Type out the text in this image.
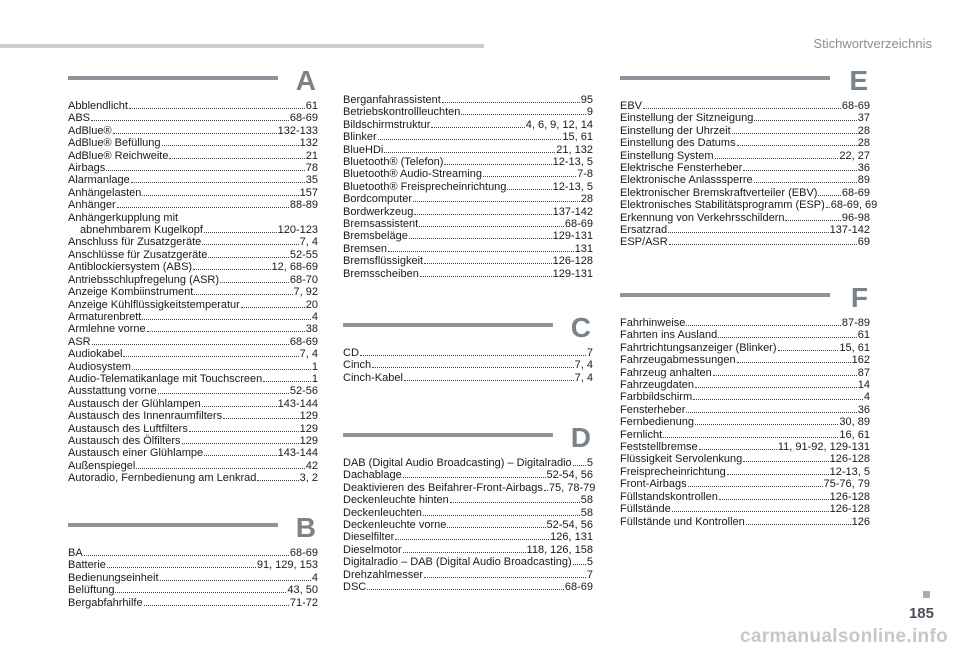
Stichwortverzeichnis
A
Abblendlicht	61
ABS	68-69
AdBlue®	132-133
AdBlue® Befüllung	132
AdBlue® Reichweite	21
Airbags	78
Alarmanlage	35
Anhängelasten	157
Anhänger	88-89
Anhängerkupplung mit
abnehmbarem Kugelkopf	120-123
Anschluss für Zusatzgeräte	7, 4
Anschlüsse für Zusatzgeräte	52-55
Antiblockiersystem (ABS)	12, 68-69
Antriebsschlupfregelung (ASR)	68-70
Anzeige Kombiinstrument	7, 92
Anzeige Kühlflüssigkeitstemperatur	20
Armaturenbrett	4
Armlehne vorne	38
ASR	68-69
Audiokabel	7, 4
Audiosystem	1
Audio-Telematikanlage mit Touchscreen	1
Ausstattung vorne	52-56
Austausch der Glühlampen	143-144
Austausch des Innenraumfilters	129
Austausch des Luftfilters	129
Austausch des Ölfilters	129
Austausch einer Glühlampe	143-144
Außenspiegel	42
Autoradio, Fernbedienung am Lenkrad	3, 2
B
BA	68-69
Batterie	91, 129, 153
Bedienungseinheit	4
Belüftung	43, 50
Bergabfahrhilfe	71-72
Berganfahrassistent	95
Betriebskontrollleuchten	9
Bildschirmstruktur	4, 6, 9, 12, 14
Blinker	15, 61
BlueHDi	21, 132
Bluetooth® (Telefon)	12-13, 5
Bluetooth® Audio-Streaming	7-8
Bluetooth® Freisprecheinrichtung	12-13, 5
Bordcomputer	28
Bordwerkzeug	137-142
Bremsassistent	68-69
Bremsbeläge	129-131
Bremsen	131
Bremsflüssigkeit	126-128
Bremsscheiben	129-131
C
CD	7
Cinch	7, 4
Cinch-Kabel	7, 4
D
DAB (Digital Audio Broadcasting) – Digitalradio 5
Dachablage	52-54, 56
Deaktivieren des Beifahrer-Front-Airbags 75, 78-79
Deckenleuchte hinten	58
Deckenleuchten	58
Deckenleuchte vorne	52-54, 56
Dieselfilter	126, 131
Dieselmotor	118, 126, 158
Digitalradio – DAB (Digital Audio Broadcasting) 5
Drehzahlmesser	7
DSC	68-69
E
EBV	68-69
Einstellung der Sitzneigung	37
Einstellung der Uhrzeit	28
Einstellung des Datums	28
Einstellung System	22, 27
Elektrische Fensterheber	36
Elektronische Anlasssperre	89
Elektronischer Bremskraftverteiler (EBV) 68-69
Elektronisches Stabilitätsprogramm (ESP) 68-69, 69
Erkennung von Verkehrsschildern	96-98
Ersatzrad	137-142
ESP/ASR	69
F
Fahrhinweise	87-89
Fahrten ins Ausland	61
Fahrtrichtungsanzeiger (Blinker)	15, 61
Fahrzeugabmessungen	162
Fahrzeug anhalten	87
Fahrzeugdaten	14
Farbbildschirm	4
Fensterheber	36
Fernbedienung	30, 89
Fernlicht	16, 61
Feststellbremse	11, 91-92, 129-131
Flüssigkeit Servolenkung	126-128
Freisprecheinrichtung	12-13, 5
Front-Airbags	75-76, 79
Füllstandskontrollen	126-128
Füllstände	126-128
Füllstände und Kontrollen	126
185
carmanualsonline.info
